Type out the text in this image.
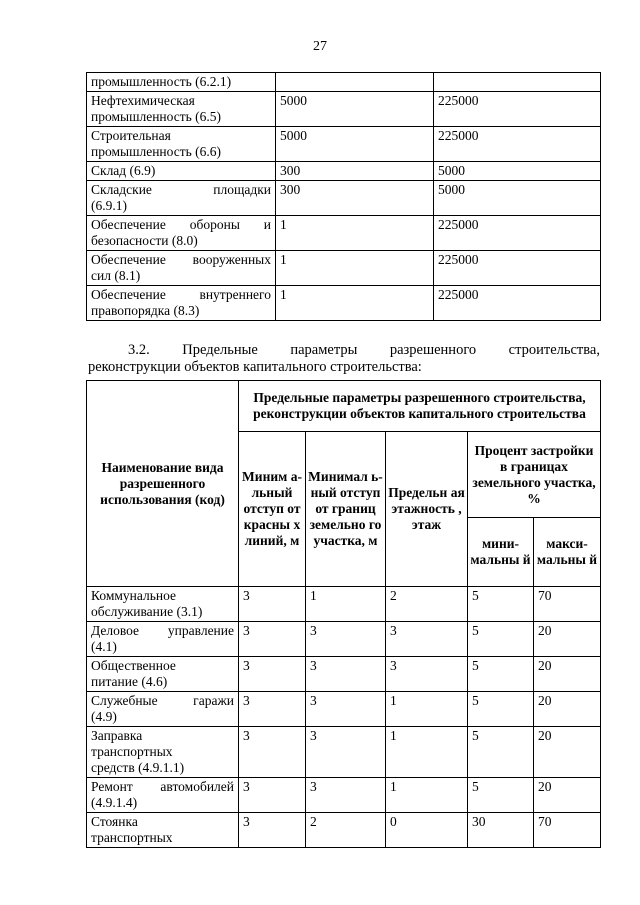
27
промышленность (6.2.1)		

Нефтехимическая
промышленность (6.5)	5000	225000

Строительная
промышленность (6.6)	5000	225000

Склад (6.9)	300	5000

Складские площадки
(6.9.1)	300	5000

Обеспечение обороны и
безопасности (8.0)	1	225000

Обеспечение вооруженных
сил (8.1)	1	225000

Обеспечение внутреннего
правопорядка (8.3)	1	225000
3.2. Предельные параметры разрешенного строительства,
реконструкции объектов капитального строительства:
Наименование вида разрешенного использования (код)	Предельные параметры разрешенного строительства, реконструкции объектов капитального строительства				
	Миним а-льный отступ от красны х линий, м	Минимал ь-ный отступ от границ земельно го участка, м	Предельн ая этажность , этаж	Процент застройки в границах земельного участка, %	
				мини-мальны й	макси-мальны й

Коммунальное
обслуживание (3.1)	3	1	2	5	70

Деловое управление
(4.1)	3	3	3	5	20

Общественное
питание (4.6)	3	3	3	5	20

Служебные гаражи
(4.9)	3	3	1	5	20

Заправка
транспортных
средств (4.9.1.1)	3	3	1	5	20

Ремонт автомобилей
(4.9.1.4)	3	3	1	5	20

Стоянка
транспортных	3	2	0	30	70
